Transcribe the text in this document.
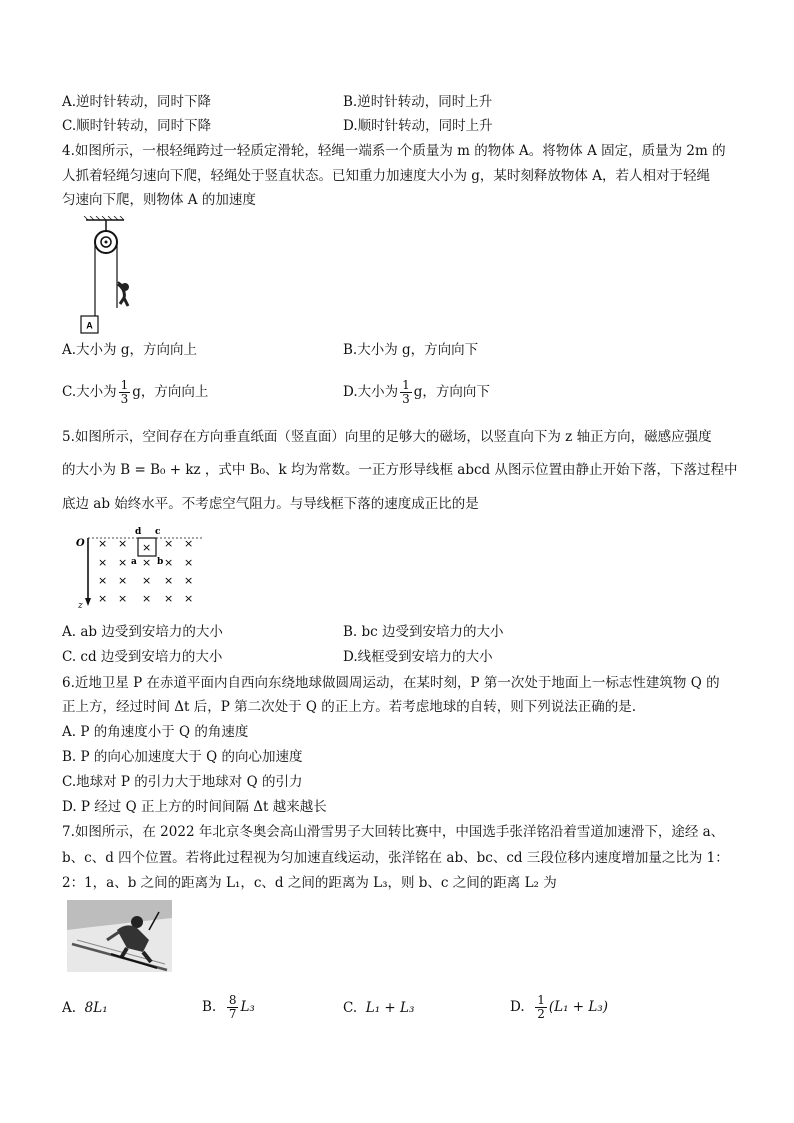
A.逆时针转动，同时下降	B.逆时针转动，同时上升
C.顺时针转动，同时下降	D.顺时针转动，同时上升
4.如图所示，一根轻绳跨过一轻质定滑轮，轻绳一端系一个质量为 m 的物体 A。将物体 A 固定，质量为 2m 的
人抓着轻绳匀速向下爬，轻绳处于竖直状态。已知重力加速度大小为 g，某时刻释放物体 A，若人相对于轻绳
匀速向下爬，则物体 A 的加速度
A
A.大小为 g，方向向上	B.大小为 g，方向向下
C.大小为 $\frac{1}{3}$ g，方向向上	D.大小为 $\frac{1}{3}$ g，方向向下
5.如图所示，空间存在方向垂直纸面（竖直面）向里的足够大的磁场，以竖直向下为 z 轴正方向，磁感应强度
的大小为 B = B₀ + kz ，式中 B₀、k 均为常数。一正方形导线框 abcd 从图示位置由静止开始下落，下落过程中
底边 ab 始终水平。不考虑空气阻力。与导线框下落的速度成正比的是
O
z
d c
a b
× × × × ×
× × × × ×
× × × × ×
× × × × ×
A. ab 边受到安培力的大小	B. bc 边受到安培力的大小
C. cd 边受到安培力的大小	D.线框受到安培力的大小
6.近地卫星 P 在赤道平面内自西向东绕地球做圆周运动，在某时刻，P 第一次处于地面上一标志性建筑物 Q 的
正上方，经过时间 Δt 后，P 第二次处于 Q 的正上方。若考虑地球的自转，则下列说法正确的是.
A. P 的角速度小于 Q 的角速度
B. P 的向心加速度大于 Q 的向心加速度
C.地球对 P 的引力大于地球对 Q 的引力
D. P 经过 Q 正上方的时间间隔 Δt 越来越长
7.如图所示，在 2022 年北京冬奥会高山滑雪男子大回转比赛中，中国选手张洋铭沿着雪道加速滑下，途经 a、
b、c、d 四个位置。若将此过程视为匀加速直线运动，张洋铭在 ab、bc、cd 三段位移内速度增加量之比为 1：
2：1，a、b 之间的距离为 L₁，c、d 之间的距离为 L₃，则 b、c 之间的距离 L₂ 为
A. 8L₁	B. $\frac{8}{7} L_3$	C. L₁ + L₃	D. $\frac{1}{2} (L_1 + L_3)$
